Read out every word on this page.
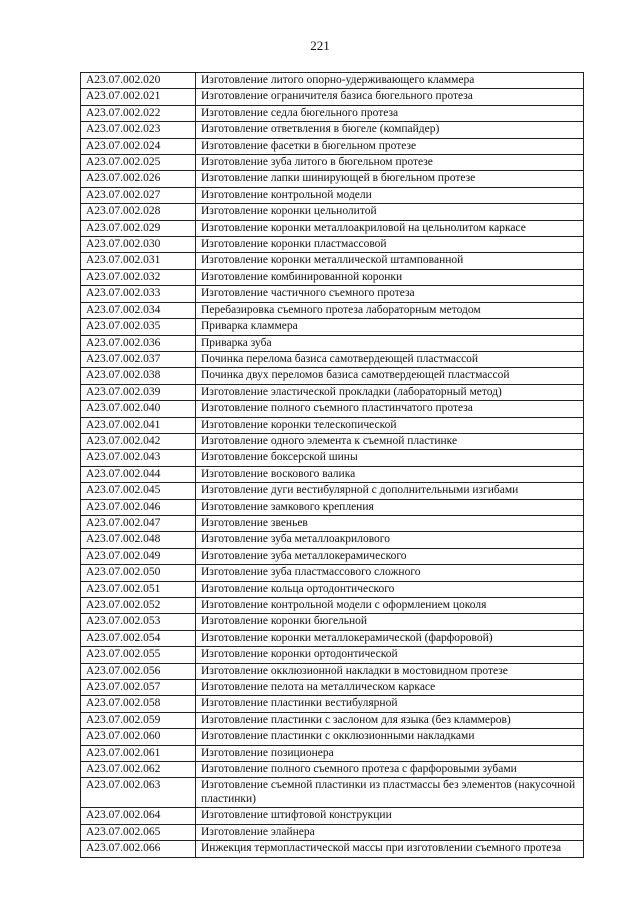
221
A23.07.002.020	Изготовление литого опорно-удерживающего кламмера
A23.07.002.021	Изготовление ограничителя базиса бюгельного протеза
A23.07.002.022	Изготовление седла бюгельного протеза
A23.07.002.023	Изготовление ответвления в бюгеле (компайдер)
A23.07.002.024	Изготовление фасетки в бюгельном протезе
A23.07.002.025	Изготовление зуба литого в бюгельном протезе
A23.07.002.026	Изготовление лапки шинирующей в бюгельном протезе
A23.07.002.027	Изготовление контрольной модели
A23.07.002.028	Изготовление коронки цельнолитой
A23.07.002.029	Изготовление коронки металлоакриловой на цельнолитом каркасе
A23.07.002.030	Изготовление коронки пластмассовой
A23.07.002.031	Изготовление коронки металлической штампованной
A23.07.002.032	Изготовление комбинированной коронки
A23.07.002.033	Изготовление частичного съемного протеза
A23.07.002.034	Перебазировка съемного протеза лабораторным методом
A23.07.002.035	Приварка кламмера
A23.07.002.036	Приварка зуба
A23.07.002.037	Починка перелома базиса самотвердеющей пластмассой
A23.07.002.038	Починка двух переломов базиса самотвердеющей пластмассой
A23.07.002.039	Изготовление эластической прокладки (лабораторный метод)
A23.07.002.040	Изготовление полного съемного пластинчатого протеза
A23.07.002.041	Изготовление коронки телескопической
A23.07.002.042	Изготовление одного элемента к съемной пластинке
A23.07.002.043	Изготовление боксерской шины
A23.07.002.044	Изготовление воскового валика
A23.07.002.045	Изготовление дуги вестибулярной с дополнительными изгибами
A23.07.002.046	Изготовление замкового крепления
A23.07.002.047	Изготовление звеньев
A23.07.002.048	Изготовление зуба металлоакрилового
A23.07.002.049	Изготовление зуба металлокерамического
A23.07.002.050	Изготовление зуба пластмассового сложного
A23.07.002.051	Изготовление кольца ортодонтического
A23.07.002.052	Изготовление контрольной модели с оформлением цоколя
A23.07.002.053	Изготовление коронки бюгельной
A23.07.002.054	Изготовление коронки металлокерамической (фарфоровой)
A23.07.002.055	Изготовление коронки ортодонтической
A23.07.002.056	Изготовление окклюзионной накладки в мостовидном протезе
A23.07.002.057	Изготовление пелота на металлическом каркасе
A23.07.002.058	Изготовление пластинки вестибулярной
A23.07.002.059	Изготовление пластинки с заслоном для языка (без кламмеров)
A23.07.002.060	Изготовление пластинки с окклюзионными накладками
A23.07.002.061	Изготовление позиционера
A23.07.002.062	Изготовление полного съемного протеза с фарфоровыми зубами
A23.07.002.063	Изготовление съемной пластинки из пластмассы без элементов (накусочной пластинки)
A23.07.002.064	Изготовление штифтовой конструкции
A23.07.002.065	Изготовление элайнера
A23.07.002.066	Инжекция термопластической массы при изготовлении съемного протеза
